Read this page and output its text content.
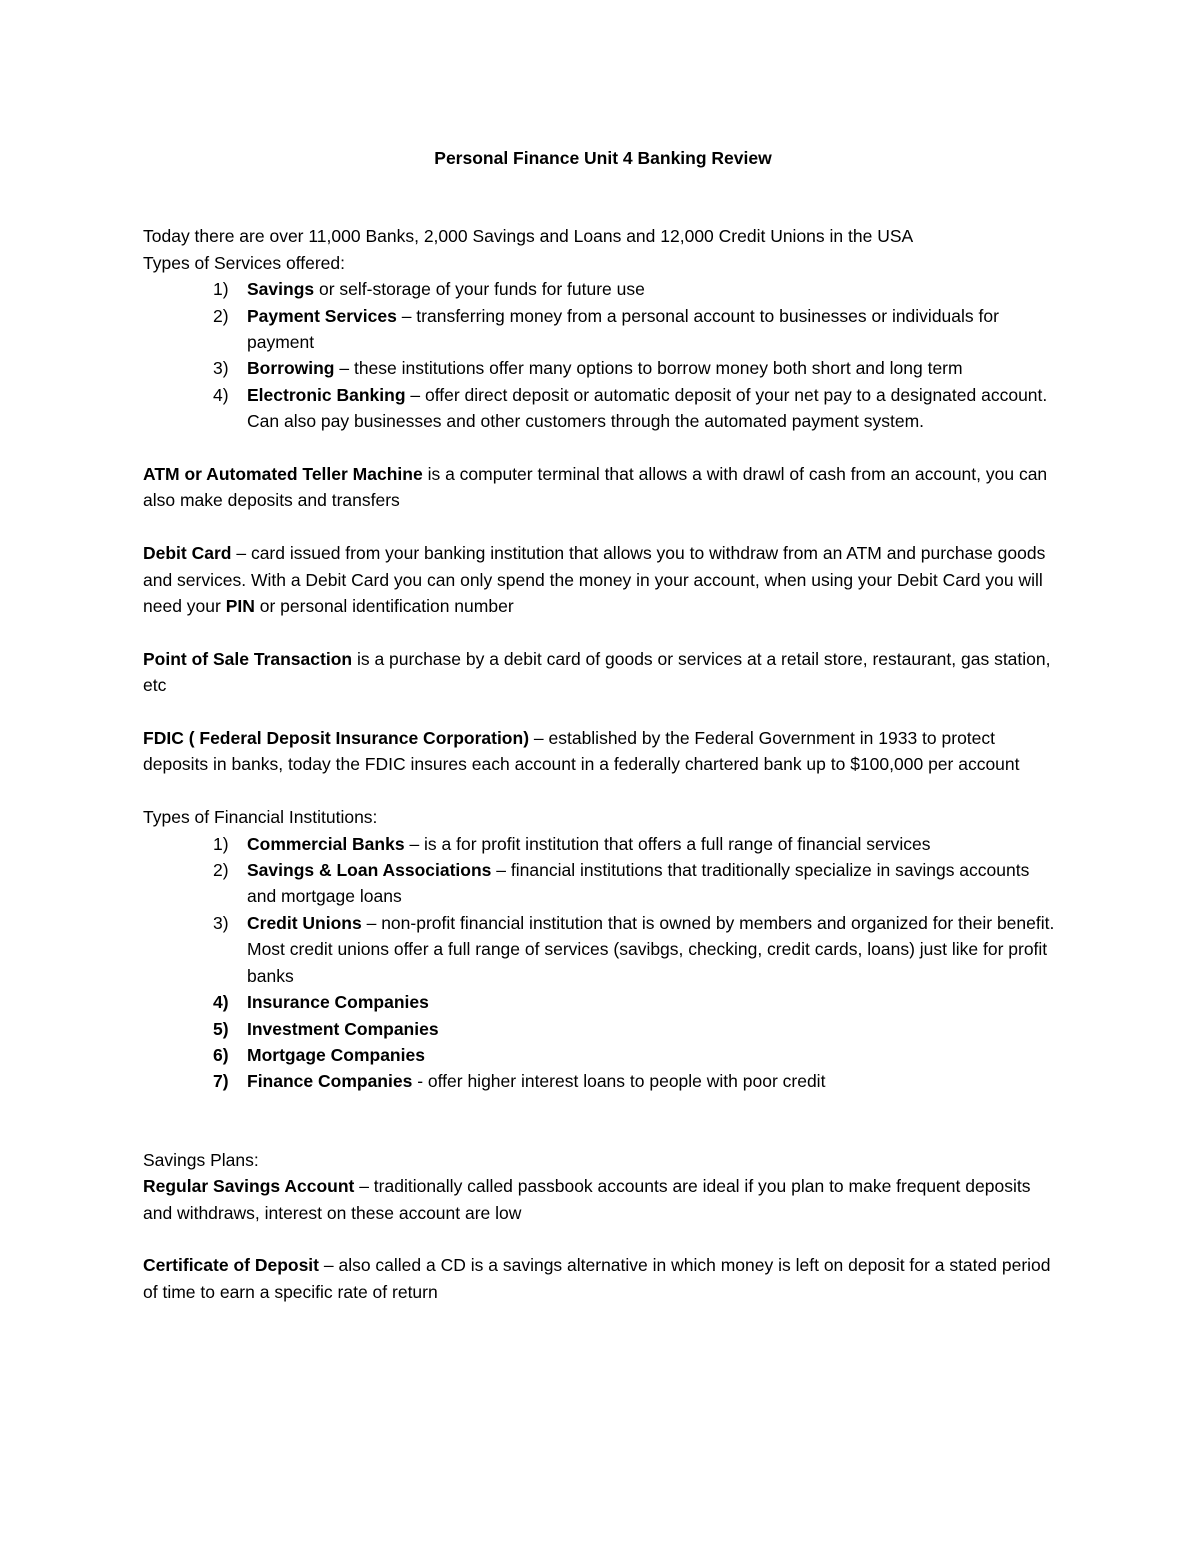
Personal Finance Unit 4 Banking Review

Today there are over 11,000 Banks, 2,000 Savings and Loans and 12,000 Credit Unions in the USA

Types of Services offered:

1) Savings or self-storage of your funds for future use
2) Payment Services – transferring money from a personal account to businesses or individuals for payment
3) Borrowing – these institutions offer many options to borrow money both short and long term
4) Electronic Banking – offer direct deposit or automatic deposit of your net pay to a designated account. Can also pay businesses and other customers through the automated payment system.

ATM or Automated Teller Machine is a computer terminal that allows a with drawl of cash from an account, you can also make deposits and transfers

Debit Card – card issued from your banking institution that allows you to withdraw from an ATM and purchase goods and services. With a Debit Card you can only spend the money in your account, when using your Debit Card you will need your PIN or personal identification number

Point of Sale Transaction is a purchase by a debit card of goods or services at a retail store, restaurant, gas station, etc

FDIC ( Federal Deposit Insurance Corporation) – established by the Federal Government in 1933 to protect deposits in banks, today the FDIC insures each account in a federally chartered bank up to $100,000 per account

Types of Financial Institutions:

1) Commercial Banks – is a for profit institution that offers a full range of financial services
2) Savings & Loan Associations – financial institutions that traditionally specialize in savings accounts and mortgage loans
3) Credit Unions – non-profit financial institution that is owned by members and organized for their benefit. Most credit unions offer a full range of services (savibgs, checking, credit cards, loans) just like for profit banks
4) Insurance Companies
5) Investment Companies
6) Mortgage Companies
7) Finance Companies - offer higher interest loans to people with poor credit

Savings Plans:

Regular Savings Account – traditionally called passbook accounts are ideal if you plan to make frequent deposits and withdraws, interest on these account are low

Certificate of Deposit – also called a CD is a savings alternative in which money is left on deposit for a stated period of time to earn a specific rate of return
